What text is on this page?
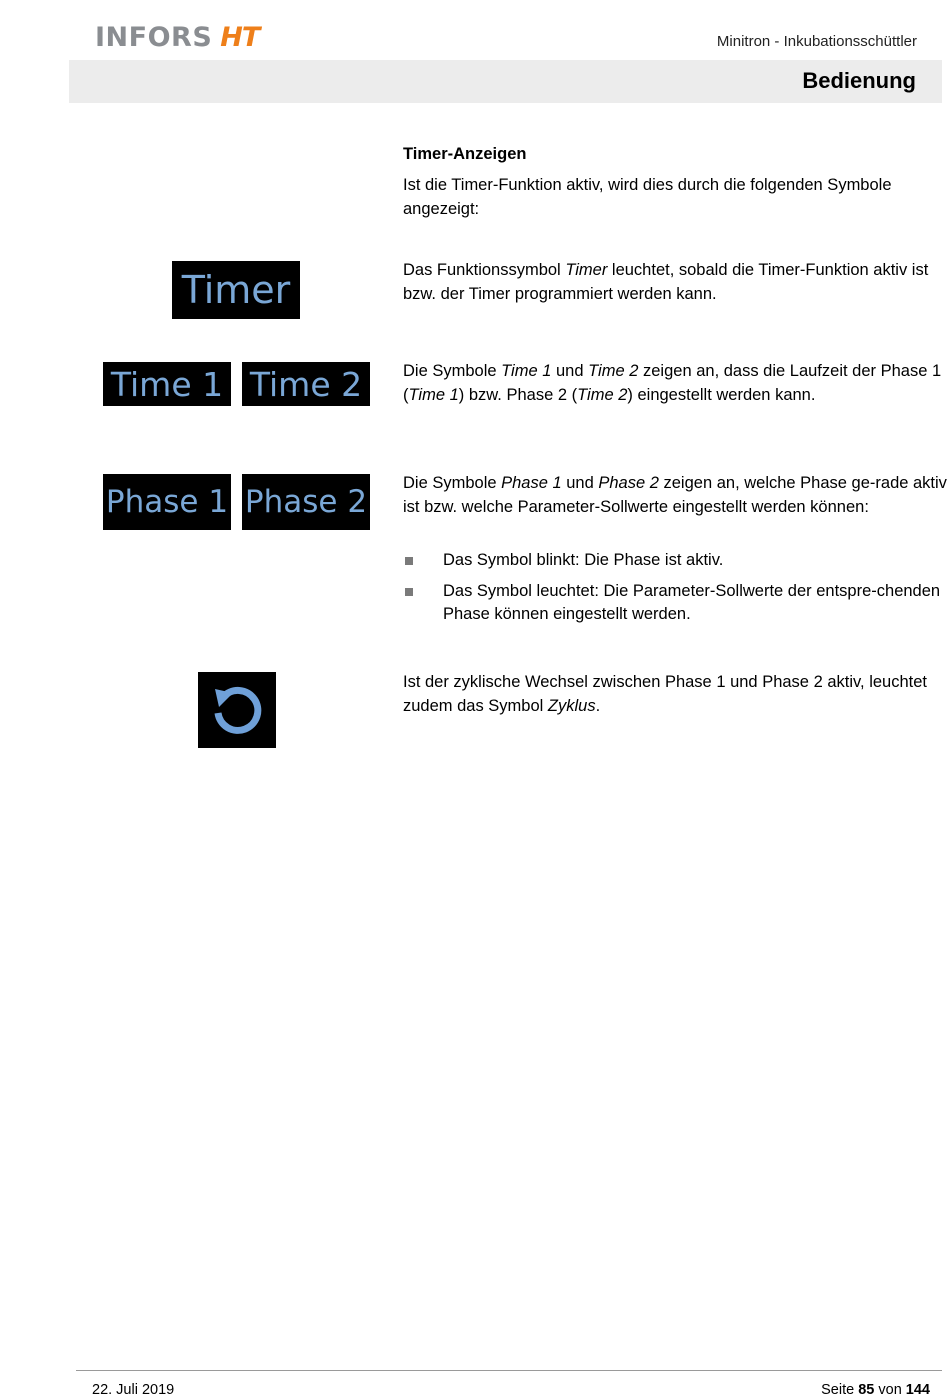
INFORS HT	Minitron - Inkubationsschüttler
Bedienung
Timer-Anzeigen
Ist die Timer-Funktion aktiv, wird dies durch die folgenden Symbole angezeigt:
Timer	Das Funktionssymbol Timer leuchtet, sobald die Timer-Funktion aktiv ist bzw. der Timer programmiert werden kann.
Time 1 Time 2	Die Symbole Time 1 und Time 2 zeigen an, dass die Laufzeit der Phase 1 (Time 1) bzw. Phase 2 (Time 2) eingestellt werden kann.
Phase 1 Phase 2
Die Symbole Phase 1 und Phase 2 zeigen an, welche Phase ge-rade aktiv ist bzw. welche Parameter-Sollwerte eingestellt werden können:
Das Symbol blinkt: Die Phase ist aktiv.
Das Symbol leuchtet: Die Parameter-Sollwerte der entspre-chenden Phase können eingestellt werden.
Ist der zyklische Wechsel zwischen Phase 1 und Phase 2 aktiv, leuchtet zudem das Symbol Zyklus.
22. Juli 2019	Seite 85 von 144
